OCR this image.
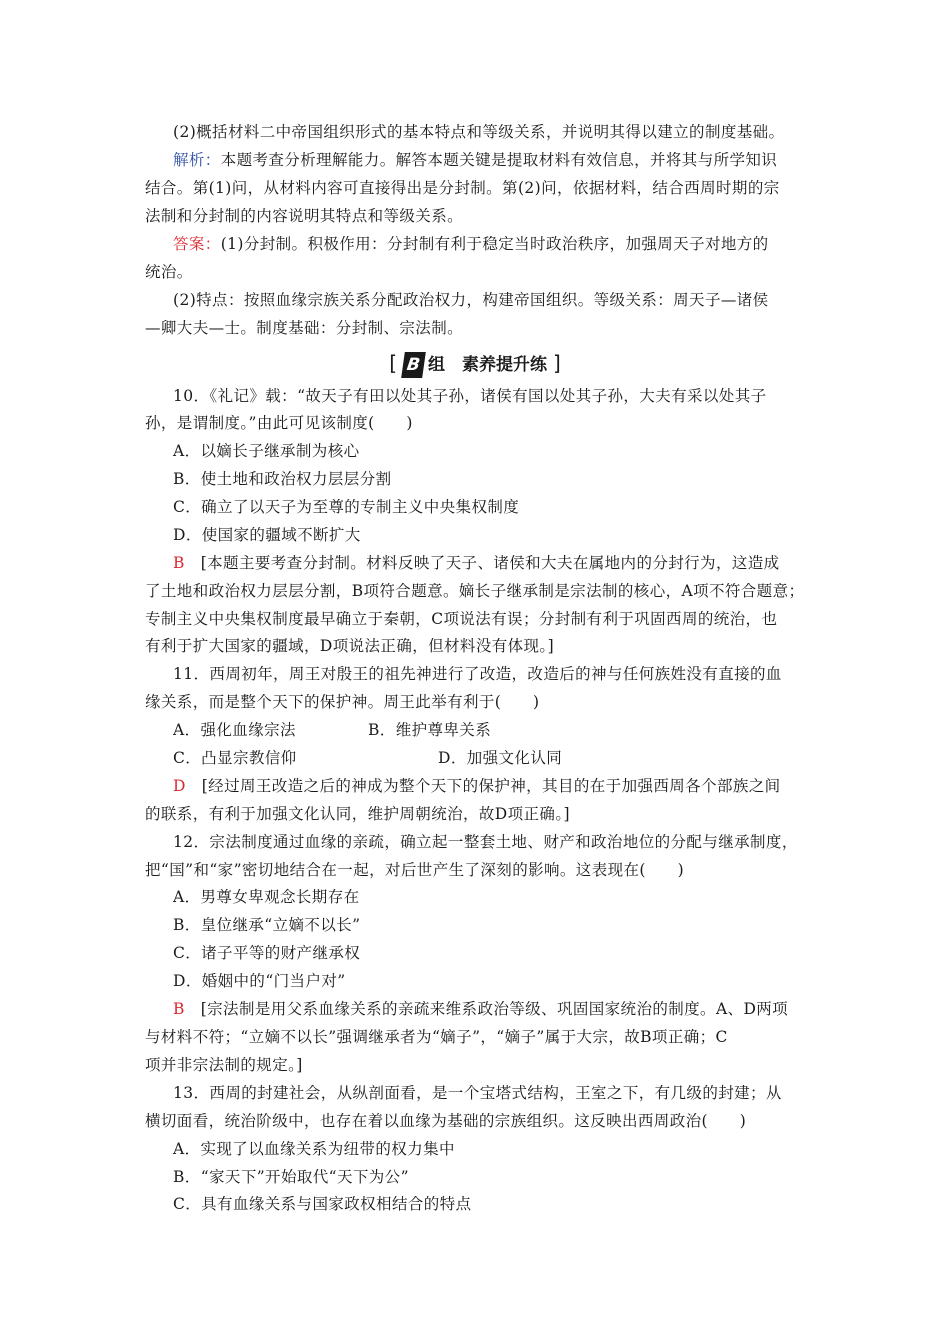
(2)概括材料二中帝国组织形式的基本特点和等级关系，并说明其得以建立的制度基础。
解析：本题考查分析理解能力。解答本题关键是提取材料有效信息，并将其与所学知识
结合。第(1)问，从材料内容可直接得出是分封制。第(2)问，依据材料，结合西周时期的宗
法制和分封制的内容说明其特点和等级关系。
答案：(1)分封制。积极作用：分封制有利于稳定当时政治秩序，加强周天子对地方的
统治。
(2)特点：按照血缘宗族关系分配政治权力，构建帝国组织。等级关系：周天子—诸侯
—卿大夫—士。制度基础：分封制、宗法制。
[ B 组　素养提升练 ]
10．《礼记》载：“故天子有田以处其子孙，诸侯有国以处其子孙，大夫有采以处其子
孙，是谓制度。”由此可见该制度(　　)
A．以嫡长子继承制为核心
B．使土地和政治权力层层分割
C．确立了以天子为至尊的专制主义中央集权制度
D．使国家的疆域不断扩大
B　 [本题主要考查分封制。材料反映了天子、诸侯和大夫在属地内的分封行为，这造成
了土地和政治权力层层分割，B项符合题意。嫡长子继承制是宗法制的核心，A项不符合题意；
专制主义中央集权制度最早确立于秦朝，C项说法有误；分封制有利于巩固西周的统治，也
有利于扩大国家的疆域，D项说法正确，但材料没有体现。]
11．西周初年，周王对殷王的祖先神进行了改造，改造后的神与任何族姓没有直接的血
缘关系，而是整个天下的保护神。周王此举有利于(　　)
A．强化血缘宗法	B．维护尊卑关系
C．凸显宗教信仰	D．加强文化认同
D　 [经过周王改造之后的神成为整个天下的保护神，其目的在于加强西周各个部族之间
的联系，有利于加强文化认同，维护周朝统治，故D项正确。]
12．宗法制度通过血缘的亲疏，确立起一整套土地、财产和政治地位的分配与继承制度，
把“国”和“家”密切地结合在一起，对后世产生了深刻的影响。这表现在(　　)
A．男尊女卑观念长期存在
B．皇位继承“立嫡不以长”
C．诸子平等的财产继承权
D．婚姻中的“门当户对”
B　 [宗法制是用父系血缘关系的亲疏来维系政治等级、巩固国家统治的制度。A、D两项
与材料不符；“立嫡不以长”强调继承者为“嫡子”，“嫡子”属于大宗，故B项正确；C
项并非宗法制的规定。]
13．西周的封建社会，从纵剖面看，是一个宝塔式结构，王室之下，有几级的封建；从
横切面看，统治阶级中，也存在着以血缘为基础的宗族组织。这反映出西周政治(　　)
A．实现了以血缘关系为纽带的权力集中
B．“家天下”开始取代“天下为公”
C．具有血缘关系与国家政权相结合的特点
